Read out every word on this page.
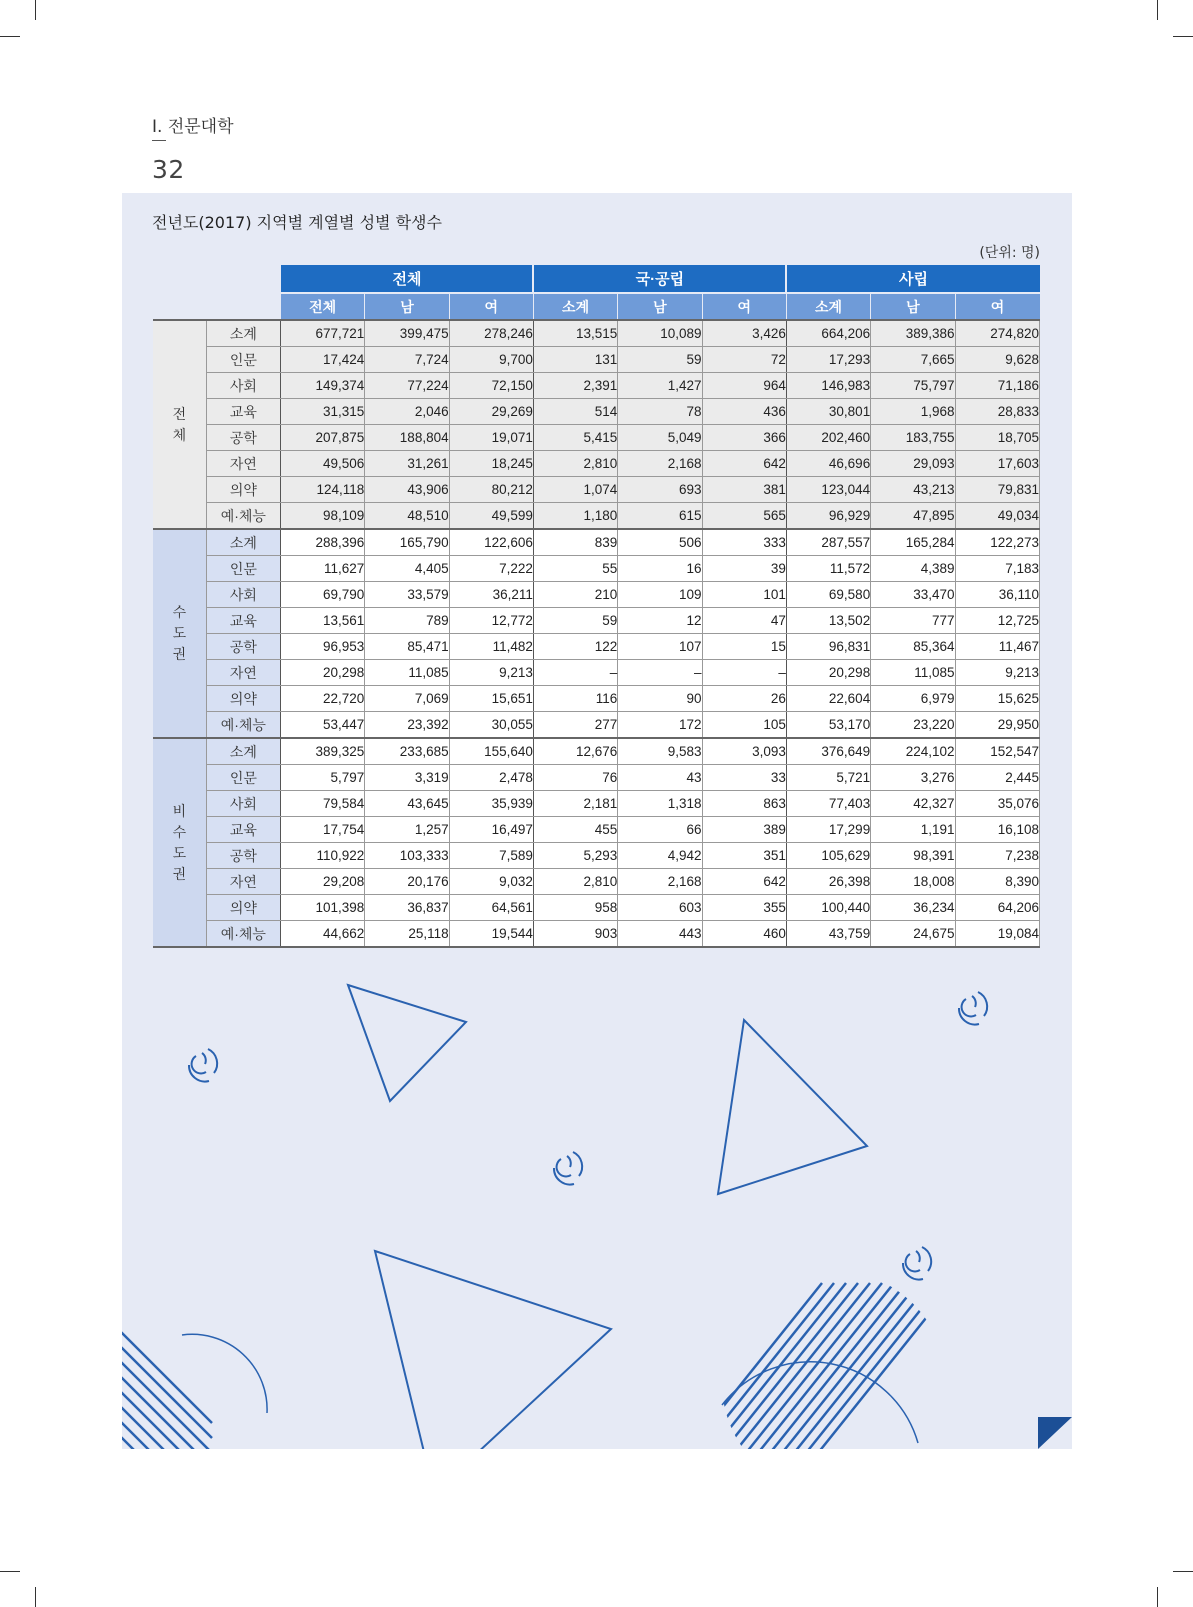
Ⅰ. 전문대학
32
전년도(2017) 지역별 계열별 성별 학생수
(단위: 명)
		전체			국·공립			사립		
		전체	남	여	소계	남	여	소계	남	여

전
체	소계	677,721	399,475	278,246	13,515	10,089	3,426	664,206	389,386	274,820
	인문	17,424	7,724	9,700	131	59	72	17,293	7,665	9,628
	사회	149,374	77,224	72,150	2,391	1,427	964	146,983	75,797	71,186
	교육	31,315	2,046	29,269	514	78	436	30,801	1,968	28,833
	공학	207,875	188,804	19,071	5,415	5,049	366	202,460	183,755	18,705
	자연	49,506	31,261	18,245	2,810	2,168	642	46,696	29,093	17,603
	의약	124,118	43,906	80,212	1,074	693	381	123,044	43,213	79,831
	예·체능	98,109	48,510	49,599	1,180	615	565	96,929	47,895	49,034

수
도
권	소계	288,396	165,790	122,606	839	506	333	287,557	165,284	122,273
	인문	11,627	4,405	7,222	55	16	39	11,572	4,389	7,183
	사회	69,790	33,579	36,211	210	109	101	69,580	33,470	36,110
	교육	13,561	789	12,772	59	12	47	13,502	777	12,725
	공학	96,953	85,471	11,482	122	107	15	96,831	85,364	11,467
	자연	20,298	11,085	9,213	–	–	–	20,298	11,085	9,213
	의약	22,720	7,069	15,651	116	90	26	22,604	6,979	15,625
	예·체능	53,447	23,392	30,055	277	172	105	53,170	23,220	29,950

비
수
도
권	소계	389,325	233,685	155,640	12,676	9,583	3,093	376,649	224,102	152,547
	인문	5,797	3,319	2,478	76	43	33	5,721	3,276	2,445
	사회	79,584	43,645	35,939	2,181	1,318	863	77,403	42,327	35,076
	교육	17,754	1,257	16,497	455	66	389	17,299	1,191	16,108
	공학	110,922	103,333	7,589	5,293	4,942	351	105,629	98,391	7,238
	자연	29,208	20,176	9,032	2,810	2,168	642	26,398	18,008	8,390
	의약	101,398	36,837	64,561	958	603	355	100,440	36,234	64,206
	예·체능	44,662	25,118	19,544	903	443	460	43,759	24,675	19,084
